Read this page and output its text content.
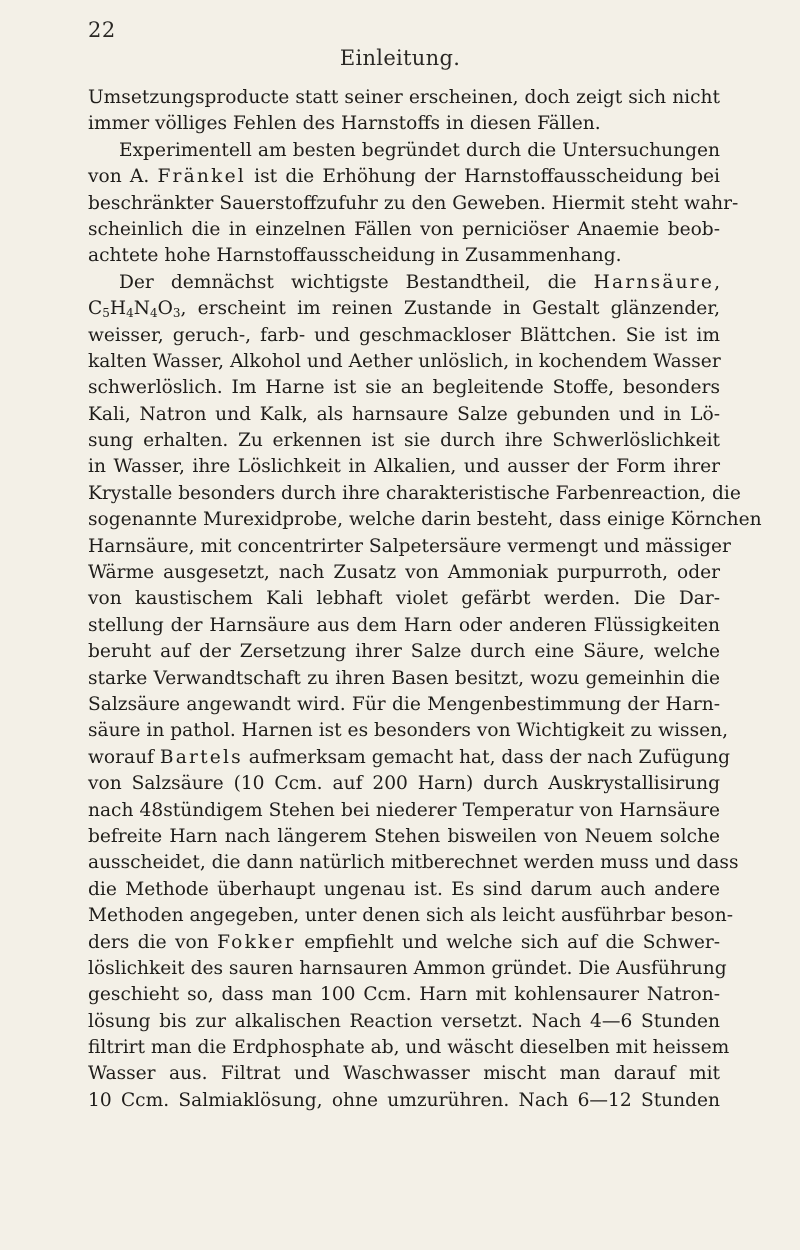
22
Einleitung.
Umsetzungsproducte statt seiner erscheinen, doch zeigt sich nicht
immer völliges Fehlen des Harnstoffs in diesen Fällen.
Experimentell am besten begründet durch die Untersuchungen
von A. Fränkel ist die Erhöhung der Harnstoffausscheidung bei
beschränkter Sauerstoffzufuhr zu den Geweben. Hiermit steht wahr-
scheinlich die in einzelnen Fällen von perniciöser Anaemie beob-
achtete hohe Harnstoffausscheidung in Zusammenhang.
Der demnächst wichtigste Bestandtheil, die Harnsäure,
$C_5H_4N_4O_3$, erscheint im reinen Zustande in Gestalt glänzender,
weisser, geruch-, farb- und geschmackloser Blättchen. Sie ist im
kalten Wasser, Alkohol und Aether unlöslich, in kochendem Wasser
schwerlöslich. Im Harne ist sie an begleitende Stoffe, besonders
Kali, Natron und Kalk, als harnsaure Salze gebunden und in Lö-
sung erhalten. Zu erkennen ist sie durch ihre Schwerlöslichkeit
in Wasser, ihre Löslichkeit in Alkalien, und ausser der Form ihrer
Krystalle besonders durch ihre charakteristische Farbenreaction, die
sogenannte Murexidprobe, welche darin besteht, dass einige Körnchen
Harnsäure, mit concentrirter Salpetersäure vermengt und mässiger
Wärme ausgesetzt, nach Zusatz von Ammoniak purpurroth, oder
von kaustischem Kali lebhaft violet gefärbt werden. Die Dar-
stellung der Harnsäure aus dem Harn oder anderen Flüssigkeiten
beruht auf der Zersetzung ihrer Salze durch eine Säure, welche
starke Verwandtschaft zu ihren Basen besitzt, wozu gemeinhin die
Salzsäure angewandt wird. Für die Mengenbestimmung der Harn-
säure in pathol. Harnen ist es besonders von Wichtigkeit zu wissen,
worauf Bartels aufmerksam gemacht hat, dass der nach Zufügung
von Salzsäure (10 Ccm. auf 200 Harn) durch Auskrystallisirung
nach 48stündigem Stehen bei niederer Temperatur von Harnsäure
befreite Harn nach längerem Stehen bisweilen von Neuem solche
ausscheidet, die dann natürlich mitberechnet werden muss und dass
die Methode überhaupt ungenau ist. Es sind darum auch andere
Methoden angegeben, unter denen sich als leicht ausführbar beson-
ders die von Fokker empfiehlt und welche sich auf die Schwer-
löslichkeit des sauren harnsauren Ammon gründet. Die Ausführung
geschieht so, dass man 100 Ccm. Harn mit kohlensaurer Natron-
lösung bis zur alkalischen Reaction versetzt. Nach 4—6 Stunden
filtrirt man die Erdphosphate ab, und wäscht dieselben mit heissem
Wasser aus. Filtrat und Waschwasser mischt man darauf mit
10 Ccm. Salmiaklösung, ohne umzurühren. Nach 6—12 Stunden
